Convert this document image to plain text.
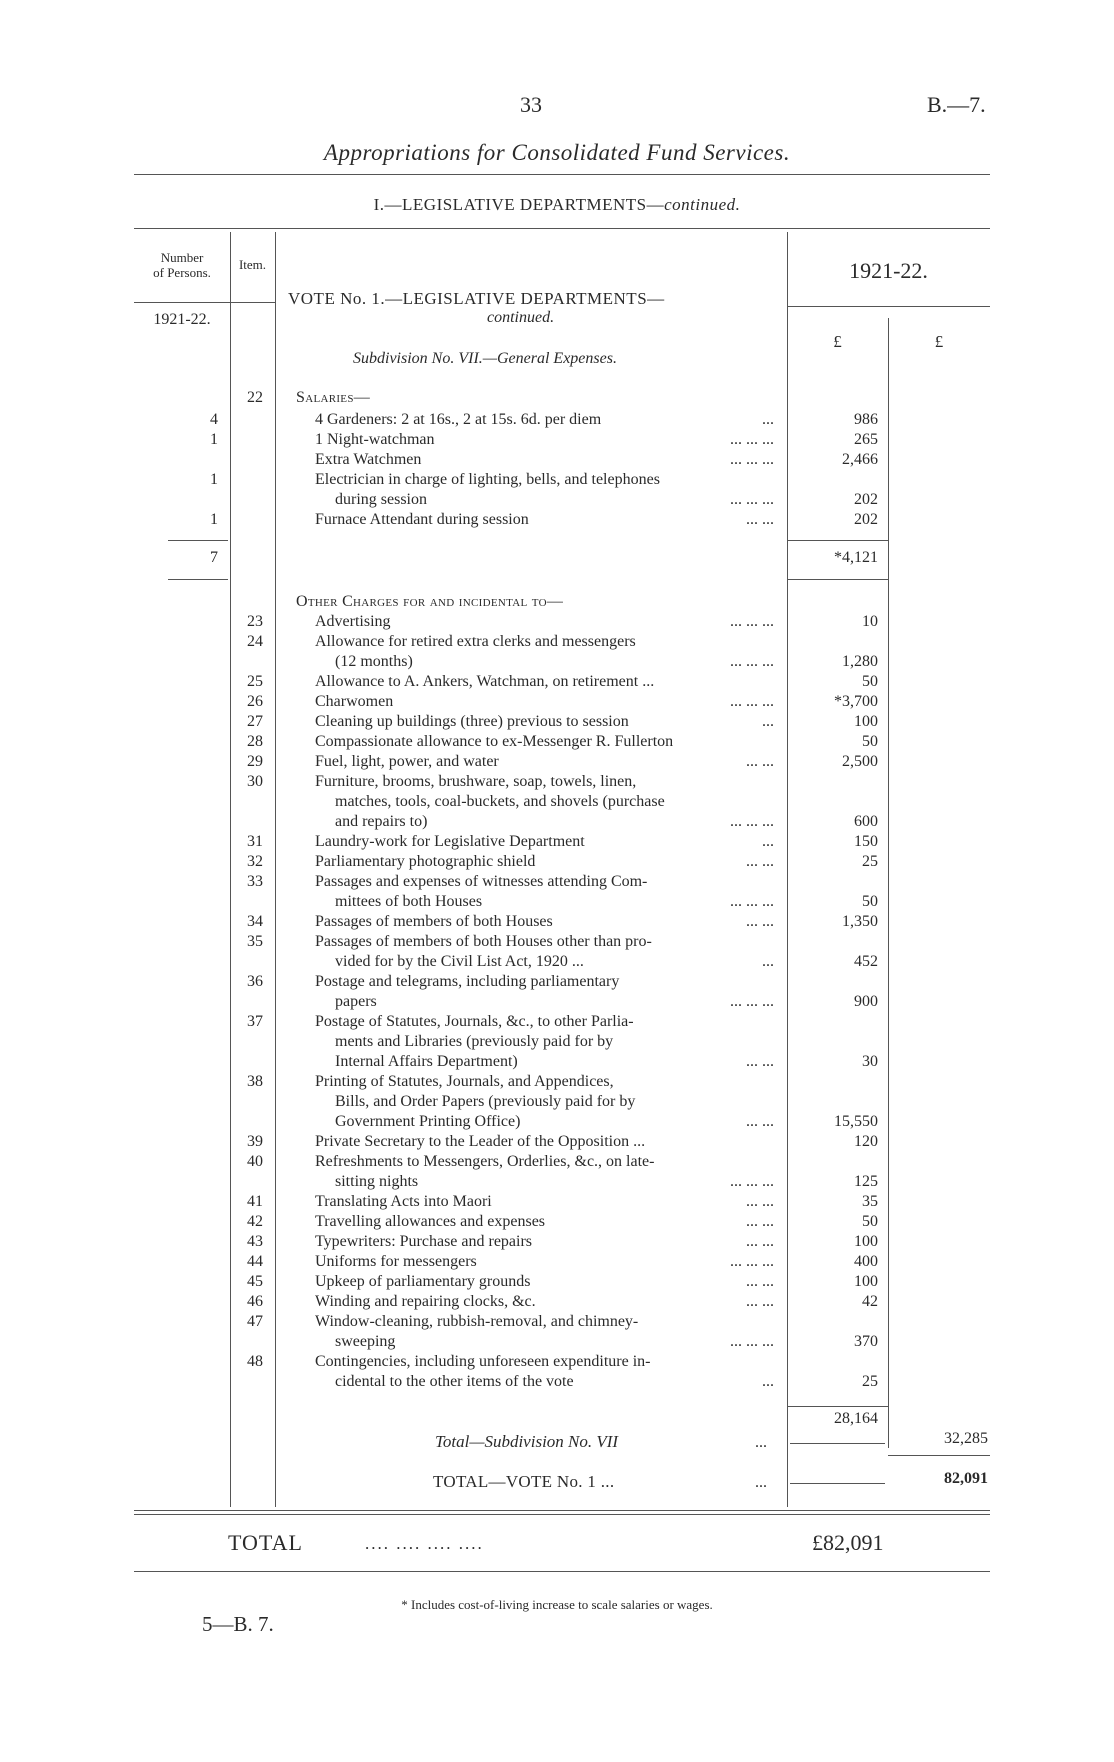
33	B.—7.
Appropriations for Consolidated Fund Services.
I.—LEGISLATIVE DEPARTMENTS—continued.
Number
of Persons.
1921-22.
Item.	1921-22.
£	£
VOTE No. 1.—LEGISLATIVE DEPARTMENTS—
continued.
Subdivision No. VII.—General Expenses.
22	Salaries—
4	4 Gardeners: 2 at 16s., 2 at 15s. 6d. per diem	...	986
1	1 Night-watchman	... ... ...	265
Extra Watchmen	... ... ...	2,466
1	Electrician in charge of lighting, bells, and telephones
during session	... ... ...	202
1	Furnace Attendant during session	... ...	202
7	*4,121
Other Charges for and incidental to—
23	Advertising	... ... ...	10
24	Allowance for retired extra clerks and messengers
(12 months)	... ... ...	1,280
25	Allowance to A. Ankers, Watchman, on retirement ...	50
26	Charwomen	... ... ...	*3,700
27	Cleaning up buildings (three) previous to session	...	100
28	Compassionate allowance to ex-Messenger R. Fullerton	50
29	Fuel, light, power, and water	... ...	2,500
30	Furniture, brooms, brushware, soap, towels, linen,
matches, tools, coal-buckets, and shovels (purchase
and repairs to)	... ... ...	600
31	Laundry-work for Legislative Department	...	150
32	Parliamentary photographic shield	... ...	25
33	Passages and expenses of witnesses attending Com-
mittees of both Houses	... ... ...	50
34	Passages of members of both Houses	... ...	1,350
35	Passages of members of both Houses other than pro-
vided for by the Civil List Act, 1920 ...	...	452
36	Postage and telegrams, including parliamentary
papers	... ... ...	900
37	Postage of Statutes, Journals, &c., to other Parlia-
ments and Libraries (previously paid for by
Internal Affairs Department)	... ...	30
38	Printing of Statutes, Journals, and Appendices,
Bills, and Order Papers (previously paid for by
Government Printing Office)	... ...	15,550
39	Private Secretary to the Leader of the Opposition ...	120
40	Refreshments to Messengers, Orderlies, &c., on late-
sitting nights	... ... ...	125
41	Translating Acts into Maori	... ...	35
42	Travelling allowances and expenses	... ...	50
43	Typewriters: Purchase and repairs	... ...	100
44	Uniforms for messengers	... ... ...	400
45	Upkeep of parliamentary grounds	... ...	100
46	Winding and repairing clocks, &c.	... ...	42
47	Window-cleaning, rubbish-removal, and chimney-
sweeping	... ... ...	370
48	Contingencies, including unforeseen expenditure in-
cidental to the other items of the vote	...	25
28,164
Total—Subdivision No. VII	...	32,285
TOTAL—VOTE No. 1 ...	...	82,091
TOTAL	.... .... .... ....	£82,091
* Includes cost-of-living increase to scale salaries or wages.
5—B. 7.
